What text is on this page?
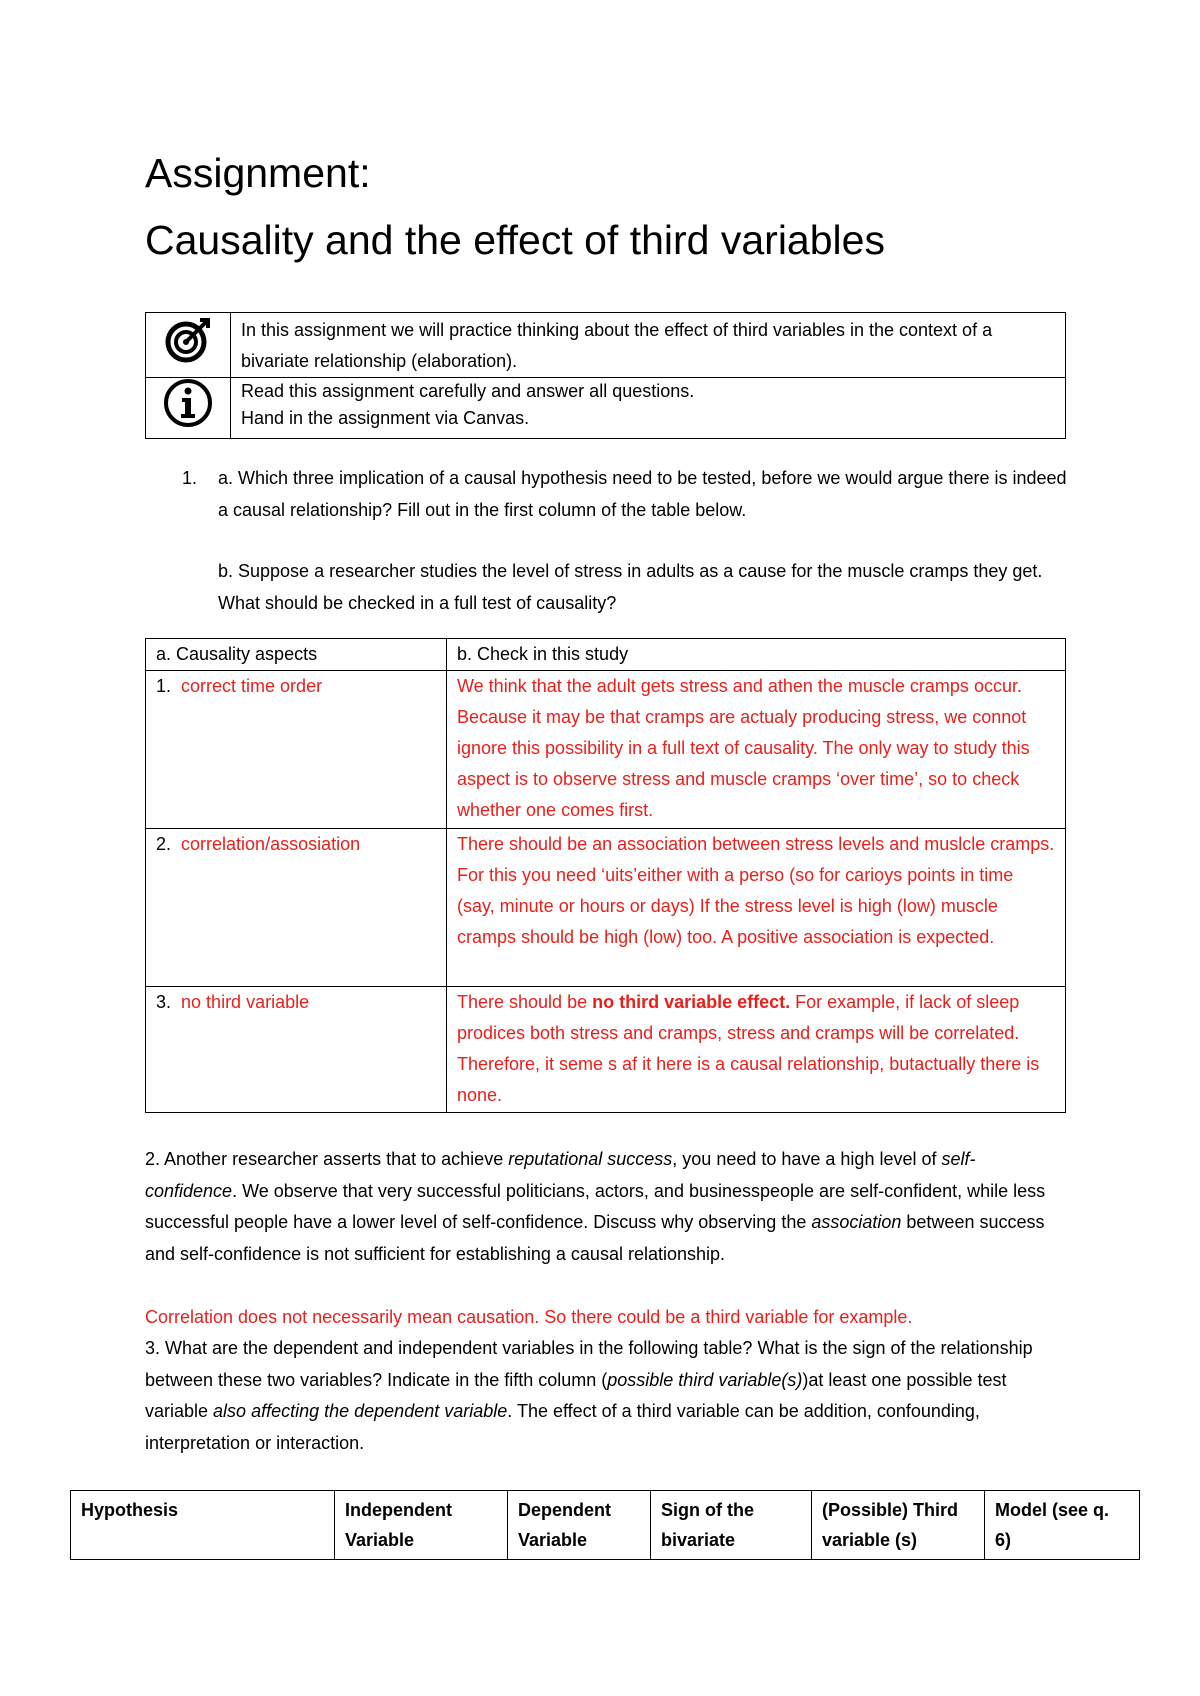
Assignment:
Causality and the effect of third variables
	In this assignment we will practice thinking about the effect of third variables in the context of a bivariate relationship (elaboration).

Read this assignment carefully and answer all questions.

Hand in the assignment via Canvas.

1. a. Which three implication of a causal hypothesis need to be tested, before we would argue there is indeed a causal relationship? Fill out in the first column of the table below.
b. Suppose a researcher studies the level of stress in adults as a cause for the muscle cramps they get. What should be checked in a full test of causality?
a. Causality aspects	b. Check in this study
1. correct time order	We think that the adult gets stress and athen the muscle cramps occur. Because it may be that cramps are actualy producing stress, we connot ignore this possibility in a full text of causality. The only way to study this aspect is to observe stress and muscle cramps ‘over time’, so to check whether one comes first.
2. correlation/assosiation	There should be an association between stress levels and muslcle cramps. For this you need ‘uits’either with a perso (so for carioys points in time (say, minute or hours or days) If the stress level is high (low) muscle cramps should be high (low) too. A positive association is expected.
3. no third variable	There should be no third variable effect. For example, if lack of sleep prodices both stress and cramps, stress and cramps will be correlated. Therefore, it seme s af it here is a causal relationship, butactually there is none.
2. Another researcher asserts that to achieve reputational success, you need to have a high level of self-confidence. We observe that very successful politicians, actors, and businesspeople are self-confident, while less successful people have a lower level of self-confidence. Discuss why observing the association between success and self-confidence is not sufficient for establishing a causal relationship.
Correlation does not necessarily mean causation. So there could be a third variable for example.
3. What are the dependent and independent variables in the following table? What is the sign of the relationship between these two variables? Indicate in the fifth column (possible third variable(s))at least one possible test variable also affecting the dependent variable. The effect of a third variable can be addition, confounding, interpretation or interaction.
Hypothesis	Independent Variable	Dependent Variable	Sign of the bivariate	(Possible) Third variable (s)	Model (see q. 6)
